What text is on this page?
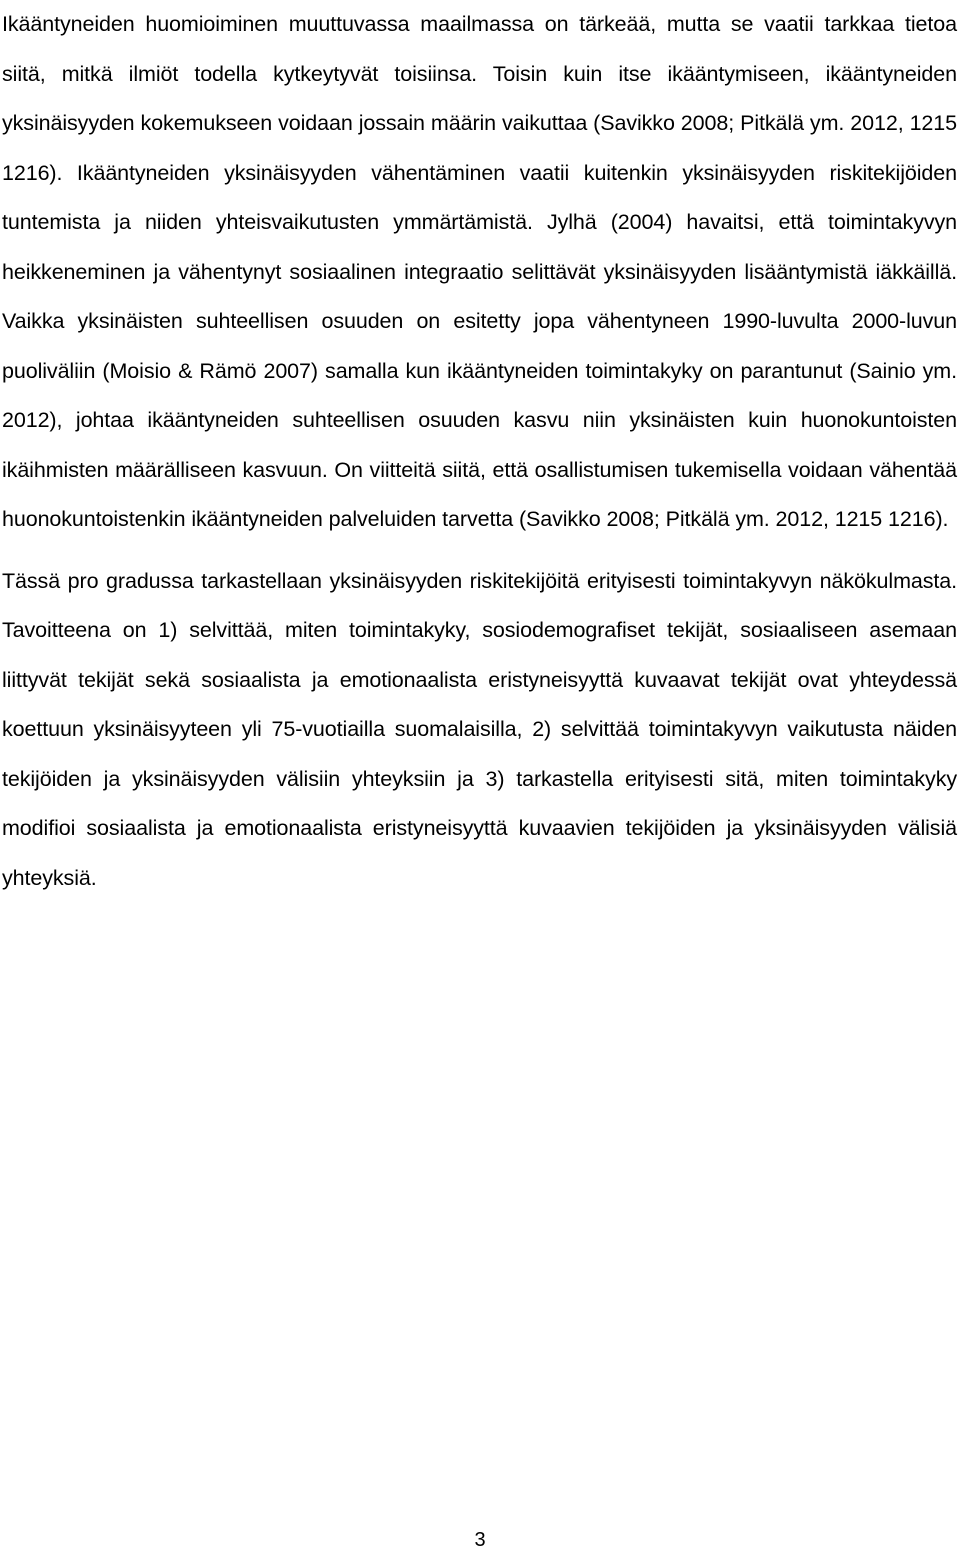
Ikääntyneiden huomioiminen muuttuvassa maailmassa on tärkeää, mutta se vaatii tarkkaa tietoa siitä, mitkä ilmiöt todella kytkeytyvät toisiinsa. Toisin kuin itse ikääntymiseen, ikääntyneiden yksinäisyyden kokemukseen voidaan jossain määrin vaikuttaa (Savikko 2008; Pitkälä ym. 2012, 1215 1216). Ikääntyneiden yksinäisyyden vähentäminen vaatii kuitenkin yksinäisyyden riskitekijöiden tuntemista ja niiden yhteisvaikutusten ymmärtämistä. Jylhä (2004) havaitsi, että toimintakyvyn heikkeneminen ja vähentynyt sosiaalinen integraatio selittävät yksinäisyyden lisääntymistä iäkkäillä. Vaikka yksinäisten suhteellisen osuuden on esitetty jopa vähentyneen 1990-luvulta 2000-luvun puoliväliin (Moisio & Rämö 2007) samalla kun ikääntyneiden toimintakyky on parantunut (Sainio ym. 2012), johtaa ikääntyneiden suhteellisen osuuden kasvu niin yksinäisten kuin huonokuntoisten ikäihmisten määrälliseen kasvuun. On viitteitä siitä, että osallistumisen tukemisella voidaan vähentää huonokuntoistenkin ikääntyneiden palveluiden tarvetta (Savikko 2008; Pitkälä ym. 2012, 1215 1216).

Tässä pro gradussa tarkastellaan yksinäisyyden riskitekijöitä erityisesti toimintakyvyn näkökulmasta. Tavoitteena on 1) selvittää, miten toimintakyky, sosiodemografiset tekijät, sosiaaliseen asemaan liittyvät tekijät sekä sosiaalista ja emotionaalista eristyneisyyttä kuvaavat tekijät ovat yhteydessä koettuun yksinäisyyteen yli 75-vuotiailla suomalaisilla, 2) selvittää toimintakyvyn vaikutusta näiden tekijöiden ja yksinäisyyden välisiin yhteyksiin ja 3) tarkastella erityisesti sitä, miten toimintakyky modifioi sosiaalista ja emotionaalista eristyneisyyttä kuvaavien tekijöiden ja yksinäisyyden välisiä yhteyksiä.

3
